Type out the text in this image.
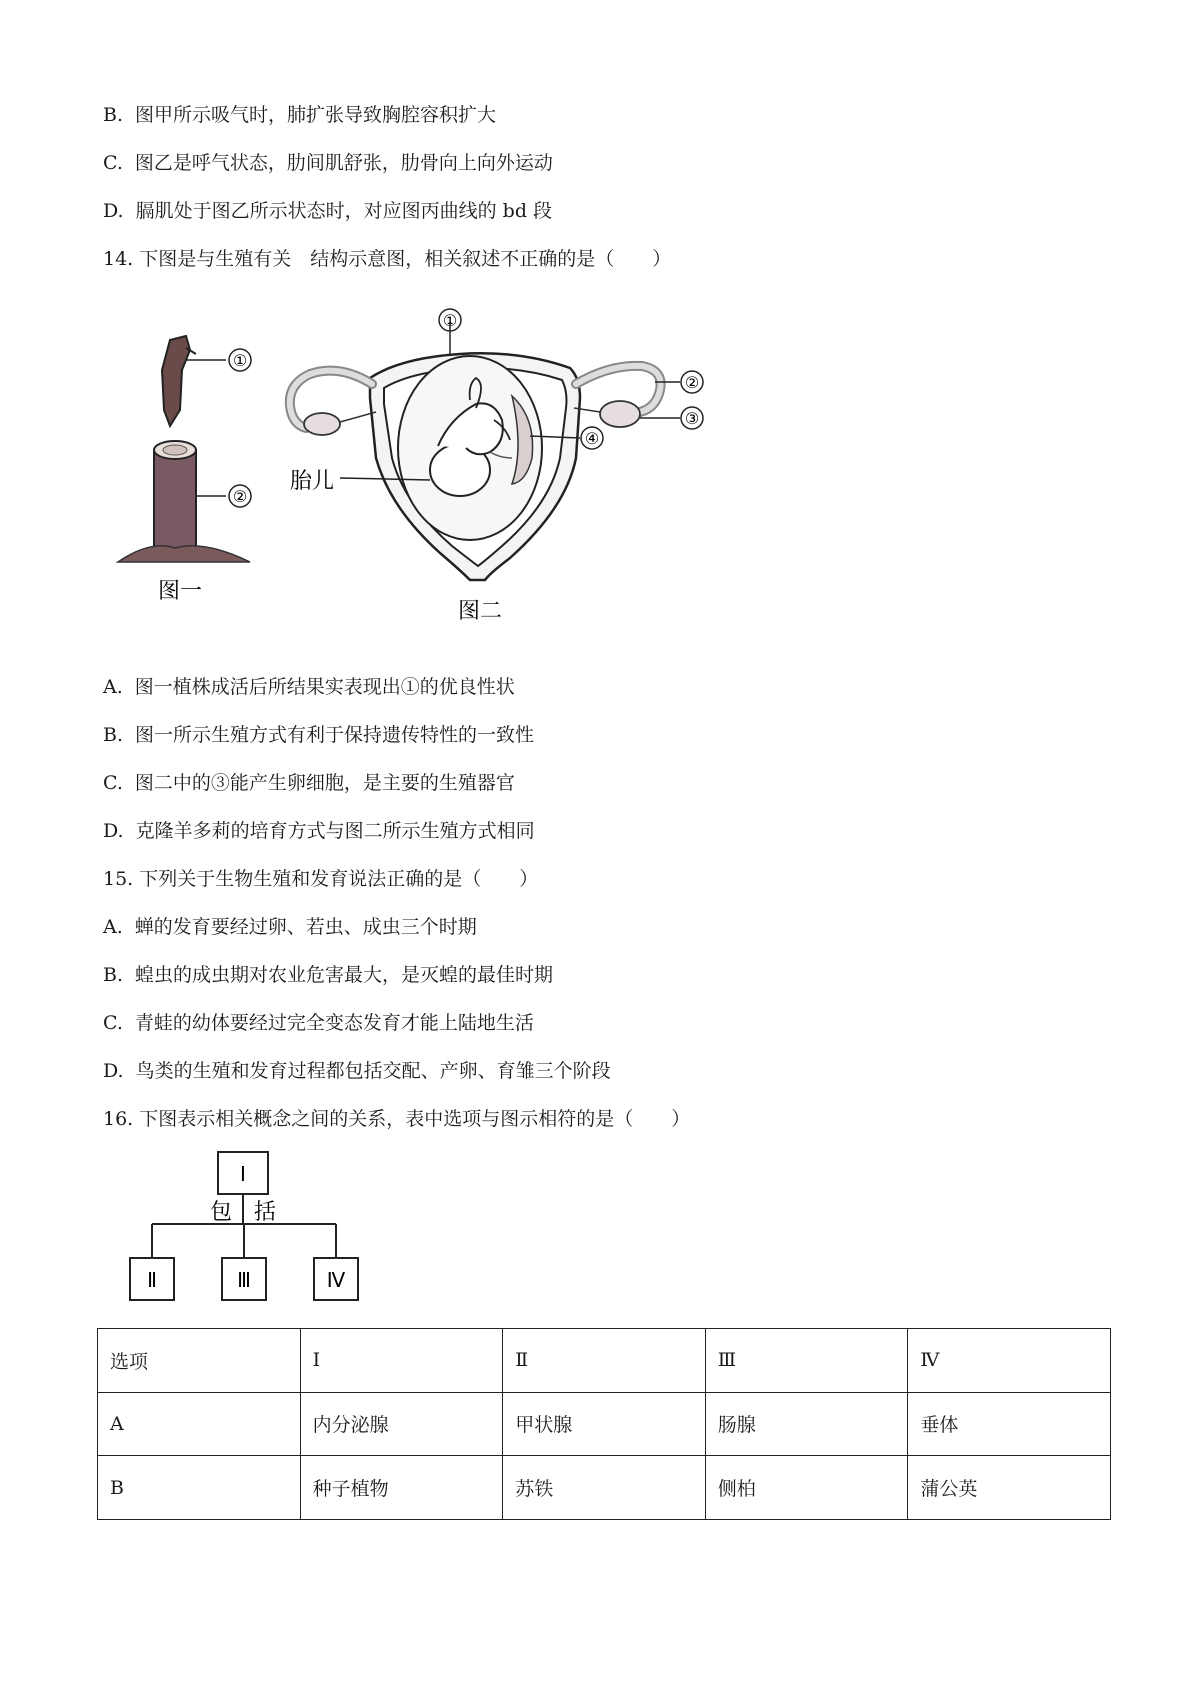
B. 图甲所示吸气时，肺扩张导致胸腔容积扩大
C. 图乙是呼气状态，肋间肌舒张，肋骨向上向外运动
D. 膈肌处于图乙所示状态时，对应图丙曲线的 bd 段
14. 下图是与生殖有关　结构示意图，相关叙述不正确的是（　　）
①
②
图一
①
②
③
④
胎儿
图二
A. 图一植株成活后所结果实表现出①的优良性状
B. 图一所示生殖方式有利于保持遗传特性的一致性
C. 图二中的③能产生卵细胞，是主要的生殖器官
D. 克隆羊多莉的培育方式与图二所示生殖方式相同
15. 下列关于生物生殖和发育说法正确的是（　　）
A. 蝉的发育要经过卵、若虫、成虫三个时期
B. 蝗虫的成虫期对农业危害最大，是灭蝗的最佳时期
C. 青蛙的幼体要经过完全变态发育才能上陆地生活
D. 鸟类的生殖和发育过程都包括交配、产卵、育雏三个阶段
16. 下图表示相关概念之间的关系，表中选项与图示相符的是（　　）
Ⅰ
包　括
Ⅱ	Ⅲ	Ⅳ
选项	Ⅰ	Ⅱ	Ⅲ	Ⅳ
A	内分泌腺	甲状腺	肠腺	垂体
B	种子植物	苏铁	侧柏	蒲公英
